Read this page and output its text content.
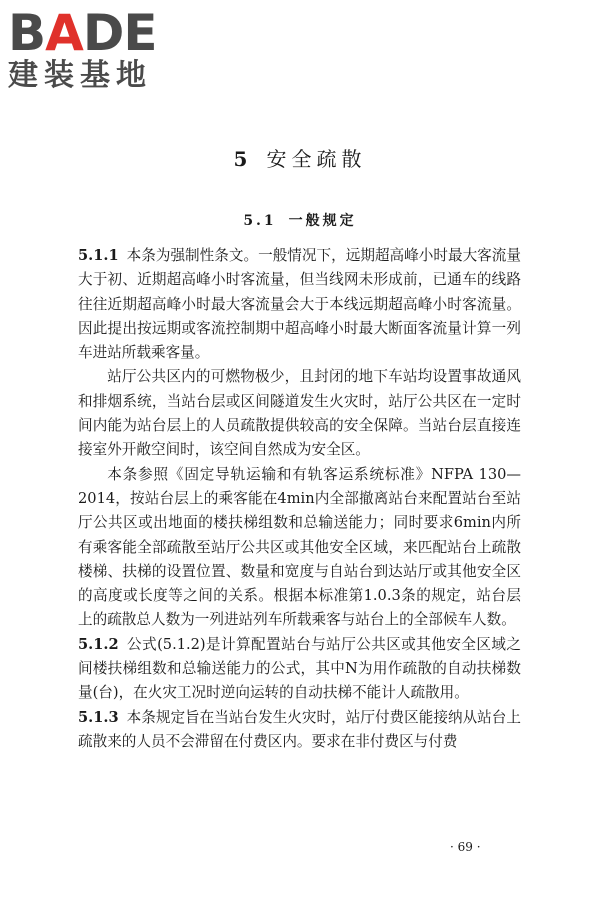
BADE
建装基地
5 安全疏散
5.1 一般规定

5.1.1 本条为强制性条文。一般情况下，远期超高峰小时最大客流量大于初、近期超高峰小时客流量，但当线网未形成前，已通车的线路往往近期超高峰小时最大客流量会大于本线远期超高峰小时客流量。因此提出按远期或客流控制期中超高峰小时最大断面客流量计算一列车进站所载乘客量。

站厅公共区内的可燃物极少，且封闭的地下车站均设置事故通风和排烟系统，当站台层或区间隧道发生火灾时，站厅公共区在一定时间内能为站台层上的人员疏散提供较高的安全保障。当站台层直接连接室外开敞空间时，该空间自然成为安全区。

本条参照《固定导轨运输和有轨客运系统标准》NFPA 130—2014，按站台层上的乘客能在4min内全部撤离站台来配置站台至站厅公共区或出地面的楼扶梯组数和总输送能力；同时要求6min内所有乘客能全部疏散至站厅公共区或其他安全区域，来匹配站台上疏散楼梯、扶梯的设置位置、数量和宽度与自站台到达站厅或其他安全区的高度或长度等之间的关系。根据本标准第1.0.3条的规定，站台层上的疏散总人数为一列进站列车所载乘客与站台上的全部候车人数。

5.1.2 公式(5.1.2)是计算配置站台与站厅公共区或其他安全区域之间楼扶梯组数和总输送能力的公式，其中N为用作疏散的自动扶梯数量(台)，在火灾工况时逆向运转的自动扶梯不能计人疏散用。

5.1.3 本条规定旨在当站台发生火灾时，站厅付费区能接纳从站台上疏散来的人员不会滞留在付费区内。要求在非付费区与付费

· 69 ·
